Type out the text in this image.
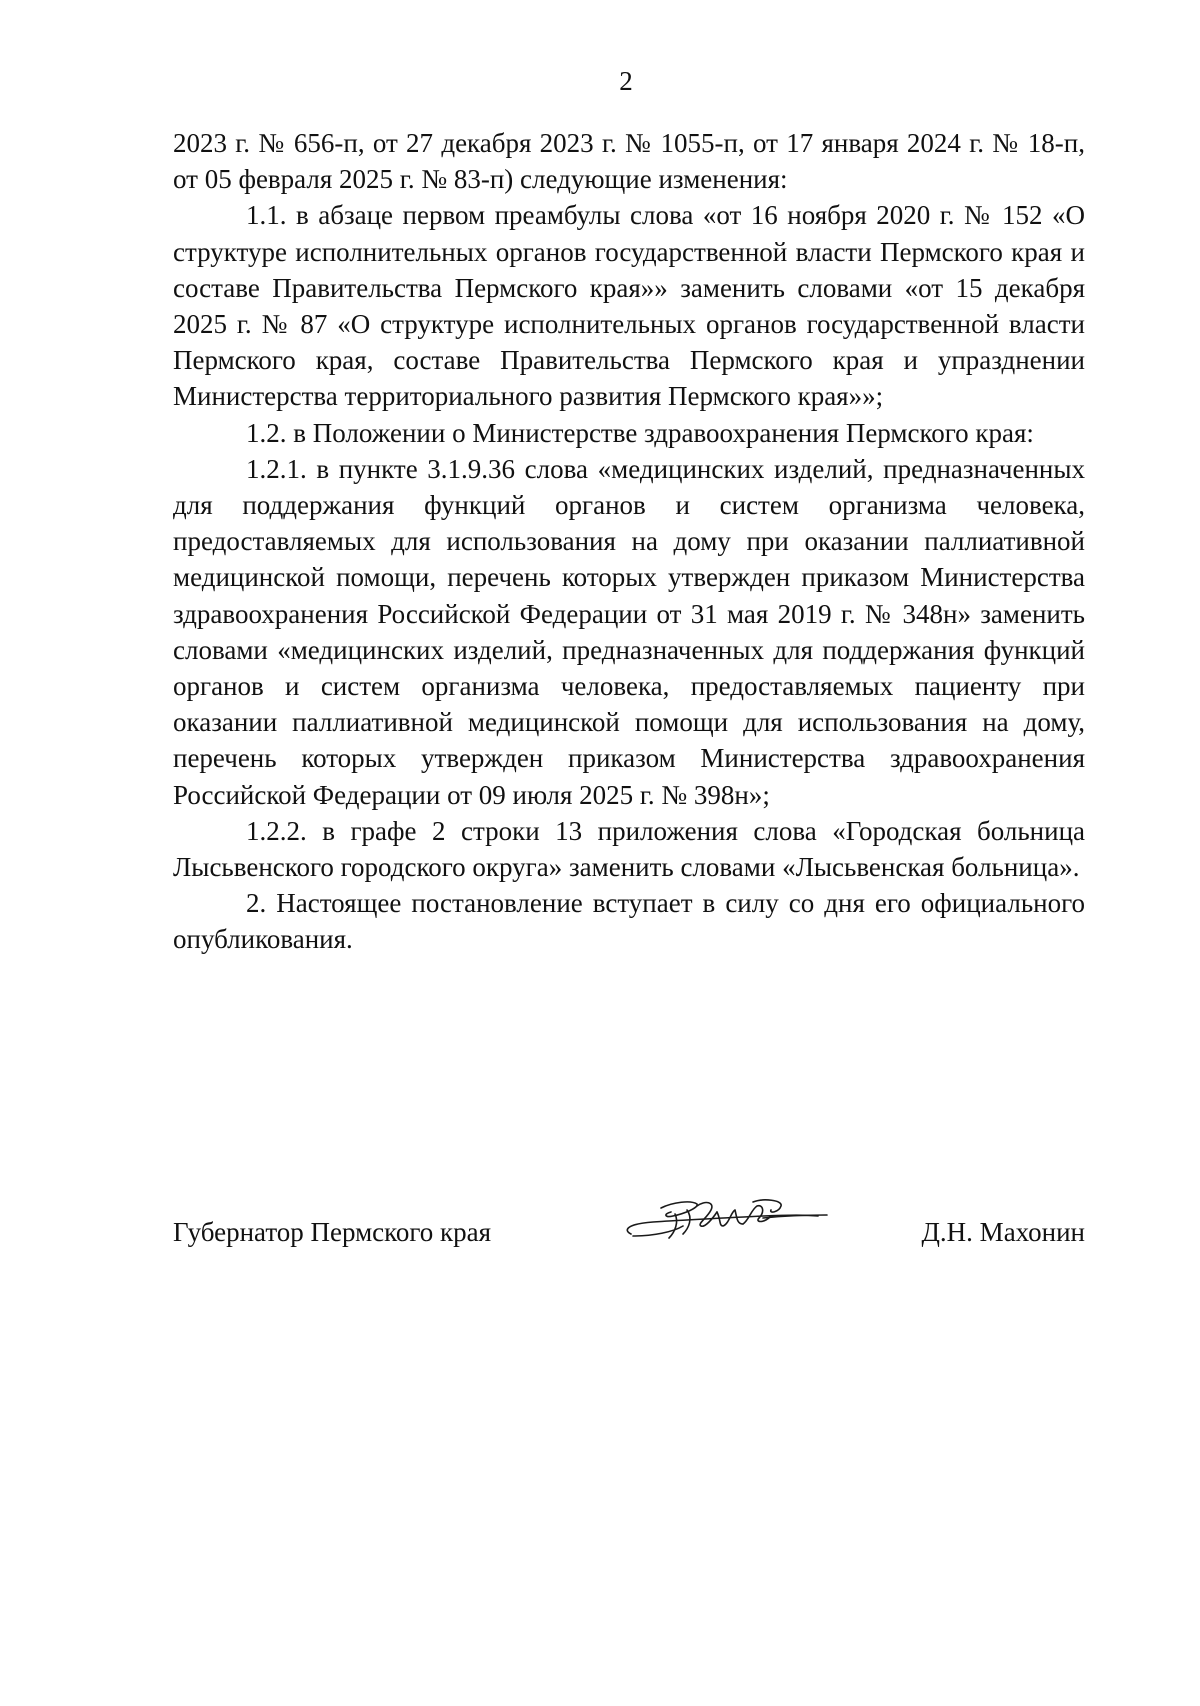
2

2023 г. № 656-п, от 27 декабря 2023 г. № 1055-п, от 17 января 2024 г. № 18-п, от 05 февраля 2025 г. № 83-п) следующие изменения:

1.1. в абзаце первом преамбулы слова «от 16 ноября 2020 г. № 152 «О структуре исполнительных органов государственной власти Пермского края и составе Правительства Пермского края»» заменить словами «от 15 декабря 2025 г. № 87 «О структуре исполнительных органов государственной власти Пермского края, составе Правительства Пермского края и упразднении Министерства территориального развития Пермского края»»;

1.2. в Положении о Министерстве здравоохранения Пермского края:

1.2.1. в пункте 3.1.9.36 слова «медицинских изделий, предназначенных для поддержания функций органов и систем организма человека, предоставляемых для использования на дому при оказании паллиативной медицинской помощи, перечень которых утвержден приказом Министерства здравоохранения Российской Федерации от 31 мая 2019 г. № 348н» заменить словами «медицинских изделий, предназначенных для поддержания функций органов и систем организма человека, предоставляемых пациенту при оказании паллиативной медицинской помощи для использования на дому, перечень которых утвержден приказом Министерства здравоохранения Российской Федерации от 09 июля 2025 г. № 398н»;

1.2.2. в графе 2 строки 13 приложения слова «Городская больница Лысьвенского городского округа» заменить словами «Лысьвенская больница».

2. Настоящее постановление вступает в силу со дня его официального опубликования.

Губернатор Пермского края	Д.Н. Махонин
